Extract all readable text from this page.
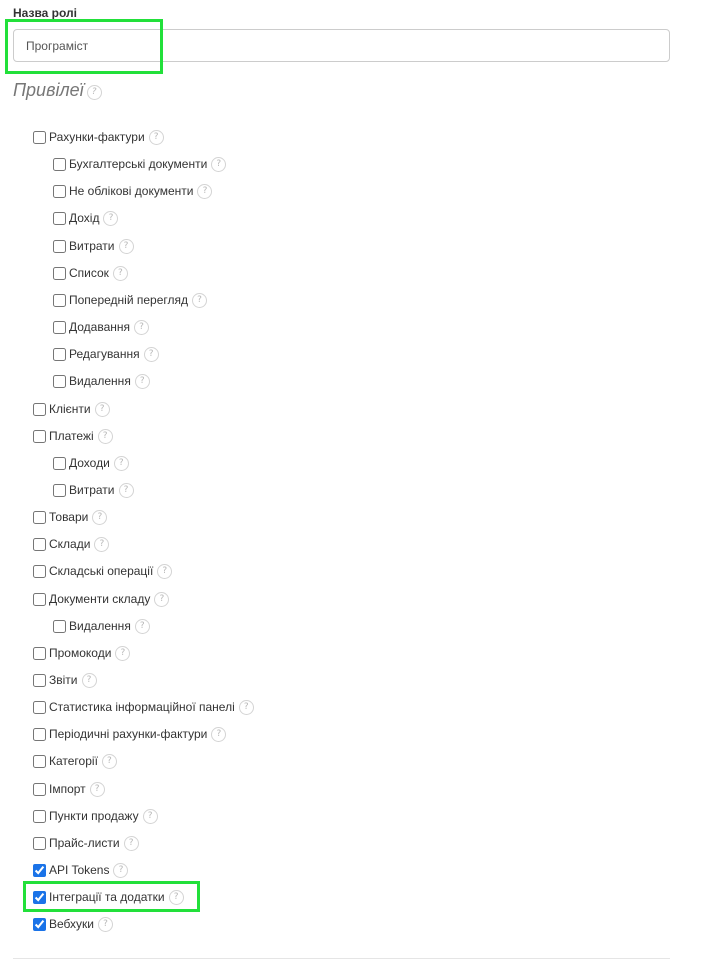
Назва ролі
Програміст
Привілеї ?
Рахунки-фактури	?
Бухгалтерські документи	?
Не облікові документи	?
Дохід	?
Витрати	?
Список	?
Попередній перегляд	?
Додавання	?
Редагування	?
Видалення	?
Клієнти	?
Платежі	?
Доходи	?
Витрати	?
Товари	?
Склади	?
Складські операції	?
Документи складу	?
Видалення	?
Промокоди	?
Звіти	?
Статистика інформаційної панелі	?
Періодичні рахунки-фактури	?
Категорії	?
Імпорт	?
Пункти продажу	?
Прайс-листи	?
API Tokens	?
Інтеграції та додатки	?
Вебхуки	?
